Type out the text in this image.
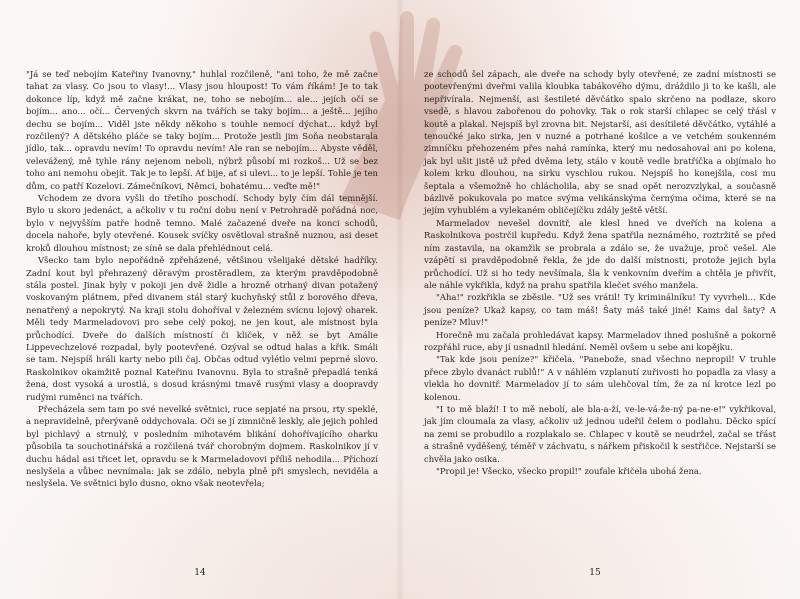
"Já se teď nebojím Kateřiny Ivanovny," huhlal rozčileně, "ani toho, že mě začne tahat za vlasy. Co jsou to vlasy!... Vlasy jsou hloupost! To vám říkám! Je to tak dokonce líp, když mě začne krákat, ne, toho se nebojím... ale... jejích očí se bojím... ano... očí... Červených skvrn na tvářích se taky bojím... a ještě... jejího dechu se bojím... Viděl jste někdy někoho s touhle nemocí dýchat... když byl rozčilený? A dětského pláče se taky bojím... Protože jestli jim Soňa neobstarala jídlo, tak... opravdu nevím! To opravdu nevím! Ale ran se nebojím... Abyste věděl, velevážený, mě tyhle rány nejenom neboli, nýbrž působí mi rozkoš... Už se bez toho ani nemohu obejít. Tak je to lepší. Ať bije, ať si ulevi... to je lepší. Tohle je ten dům, co patří Kozelovi. Zámečníkovi, Němci, bohatému... veďte mě!"

Vchodem ze dvora vyšli do třetího poschodí. Schody byly čím dál temnější. Bylo u skoro jedenáct, a ačkoliv v tu roční dobu není v Petrohradě pořádná noc, bylo v nejvyšším patře hodně temno. Malé začazené dveře na konci schodů, docela nahoře, byly otevřené. Kousek svíčky osvětloval strašně nuznou, asi deset kroků dlouhou místnost; ze síně se dala přehlédnout celá.

Všecko tam bylo nepořádně zpřeházené, většinou všelijaké dětské hadříky. Zadní kout byl přehrazený děravým prostěradlem, za kterým pravděpodobně stála postel. Jinak byly v pokoji jen dvě židle a hrozně otrhaný divan potažený voskovaným plátnem, před divanem stál starý kuchyňský stůl z borového dřeva, nenatřený a nepokrytý. Na kraji stolu dohoříval v železném svícnu lojový oharek. Měli tedy Marmeladovovi pro sebe celý pokoj, ne jen kout, ale místnost byla průchodící. Dveře do dalších místností či kliček, v něž se byt Amálie Lippevechzelové rozpadal, byly pootevřené. Ozýval se odtud halas a křik. Smáli se tam. Nejspíš hráli karty nebo pili čaj. Občas odtud vylétlo velmi peprné slovo. Raskolnikov okamžitě poznal Kateřinu Ivanovnu. Byla to strašně přepadlá tenká žena, dost vysoká a urostlá, s dosud krásnými tmavě rusými vlasy a doopravdy rudými ruměnci na tvářích.

Přecházela sem tam po své nevelké světnici, ruce sepjaté na prsou, rty speklé, a nepravidelně, přerývaně oddychovala. Oči se jí zimničně leskly, ale jejich pohled byl pichlavý a strnulý, v posledním mihotavém blikání dohořívajícího oharku působila ta souchotinářská a rozčilená tvář chorobným dojmem. Raskolnikov jí v duchu hádal asi třicet let, opravdu se k Marmeladovovi příliš nehodila... Příchozí neslyšela a vůbec nevnímala: jak se zdálo, nebyla plně při smyslech, neviděla a neslyšela. Ve světnici bylo dusno, okno však neotevřela;

ze schodů šel zápach, ale dveře na schody byly otevřené, ze zadní místnosti se pootevřenými dveřmi valila kloubka tabákového dýmu, dráždilo ji to ke kašli, ale nepřivírala. Nejmenší, asi šestileté děvčátko spalo skrčeno na podlaze, skoro vsedě, s hlavou zabořenou do pohovky. Tak o rok starší chlapec se celý třásl v koutě a plakal. Nejspíš byl zrovna bit. Nejstarší, asi desítileté děvčátko, vytáhlé a tenoučké jako sirka, jen v nuzné a potrhané košilce a ve vetchém soukenném zimníčku přehozeném přes nahá ramínka, který mu nedosahoval ani po kolena, jak byl ušit jistě už před dvěma lety, stálo v koutě vedle bratříčka a objímalo ho kolem krku dlouhou, na sirku vyschlou rukou. Nejspíš ho konejšila, cosi mu šeptala a všemožně ho chlácholila, aby se snad opět nerozvzlykal, a současně bázlivě pokukovala po matce svýma velikánskýma černýma očima, které se na jejím vyhublém a vylekaném obličejíčku zdály ještě větší.

Marmeladov nevešel dovnitř, ale klesl hned ve dveřích na kolena a Raskolnikova postrčil kupředu. Když žena spatřila neznámého, roztržitě se před ním zastavila, na okamžik se probrala a zdálo se, že uvažuje, proč vešel. Ale vzápětí si pravděpodobně řekla, že jde do další místnosti, protože jejich byla průchodící. Už si ho tedy nevšímala, šla k venkovním dveřím a chtěla je přivřít, ale náhle vykřikla, když na prahu spatřila klečet svého manžela.

"Aha!" rozkřikla se zběsile. "Už ses vrátil! Ty kriminálníku! Ty vyvrheli... Kde jsou peníze? Ukaž kapsy, co tam máš! Šaty máš také jiné! Kams dal šaty? A peníze? Mluv!"

Horečně mu začala prohledávat kapsy. Marmeladov ihned poslušně a pokorně rozpřáhl ruce, aby jí usnadnil hledání. Neměl ovšem u sebe ani kopějku.

"Tak kde jsou peníze?" křičela. "Panebože, snad všechno nepropil! V truhle přece zbylo dvanáct rublů!" A v náhlém vzplanutí zuřivosti ho popadla za vlasy a vlekla ho dovnitř. Marmeladov jí to sám ulehčoval tím, že za ní krotce lezl po kolenou.

"I to mě blaží! I to mě nebolí, ale bla-a-ží, ve-le-vá-že-ný pa-ne-e!" vykřikoval, jak jím cloumala za vlasy, ačkoliv už jednou udeřil čelem o podlahu. Děcko spící na zemi se probudilo a rozplakalo se. Chlapec v koutě se neudržel, začal se třást a strašně vyděšený, téměř v záchvatu, s nářkem přiskočil k sestřičce. Nejstarší se chvěla jako osika.

"Propil je! Všecko, všecko propil!" zoufale křičela ubohá žena.

14	15
